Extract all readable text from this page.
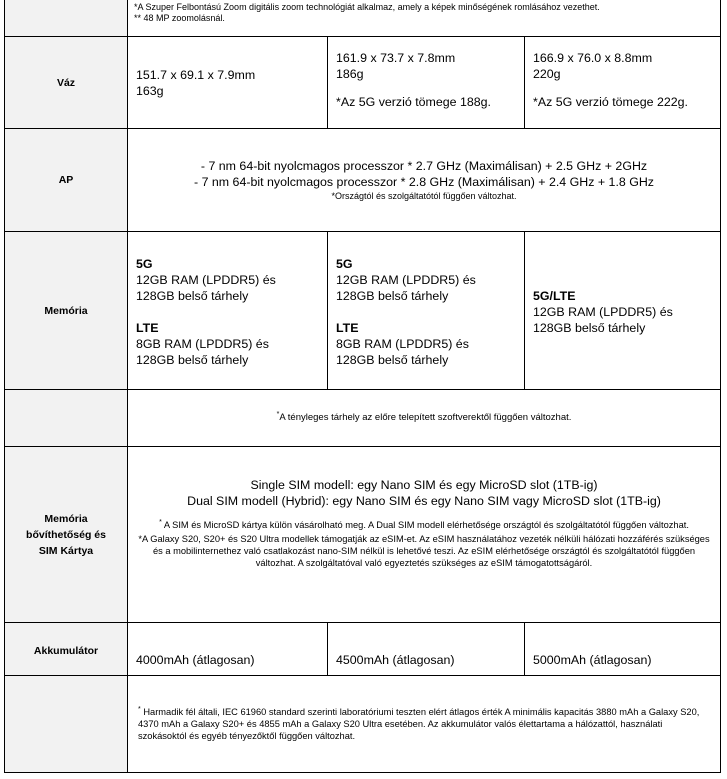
*A Szuper Felbontású Zoom digitális zoom technológiát alkalmaz, amely a képek minőségének romlásához vezethet.
** 48 MP zoomolásnál.
Váz
151.7 x 69.1 x 7.9mm
163g
161.9 x 73.7 x 7.8mm
186g
*Az 5G verzió tömege 188g.
166.9 x 76.0 x 8.8mm
220g
*Az 5G verzió tömege 222g.
AP
- 7 nm 64-bit nyolcmagos processzor * 2.7 GHz (Maximálisan) + 2.5 GHz + 2GHz
- 7 nm 64-bit nyolcmagos processzor * 2.8 GHz (Maximálisan) + 2.4 GHz + 1.8 GHz
*Országtól és szolgáltatótól függően változhat.
Memória
5G
12GB RAM (LPDDR5) és
128GB belső tárhely
LTE
8GB RAM (LPDDR5) és
128GB belső tárhely
5G
12GB RAM (LPDDR5) és
128GB belső tárhely
LTE
8GB RAM (LPDDR5) és
128GB belső tárhely
5G/LTE
12GB RAM (LPDDR5) és
128GB belső tárhely
*A tényleges tárhely az előre telepített szoftverektől függően változhat.
Memória
bővíthetőség és
SIM Kártya
Single SIM modell: egy Nano SIM és egy MicroSD slot (1TB-ig)
Dual SIM modell (Hybrid): egy Nano SIM és egy Nano SIM vagy MicroSD slot (1TB-ig)
* A SIM és MicroSD kártya külön vásárolható meg. A Dual SIM modell elérhetősége országtól és szolgáltatótól függően változhat.
*A Galaxy S20, S20+ és S20 Ultra modellek támogatják az eSIM-et. Az eSIM használatához vezeték nélküli hálózati hozzáférés szükséges és a mobilinternethez való csatlakozást nano-SIM nélkül is lehetővé teszi. Az eSIM elérhetősége országtól és szolgáltatótól függően változhat. A szolgáltatóval való egyeztetés szükséges az eSIM támogatottságáról.
Akkumulátor
4000mAh (átlagosan)	4500mAh (átlagosan)	5000mAh (átlagosan)
* Harmadik fél általi, IEC 61960 standard szerinti laboratóriumi teszten elért átlagos érték A minimális kapacitás 3880 mAh a Galaxy S20, 4370 mAh a Galaxy S20+ és 4855 mAh a Galaxy S20 Ultra esetében. Az akkumulátor valós élettartama a hálózattól, használati szokásoktól és egyéb tényezőktől függően változhat.
